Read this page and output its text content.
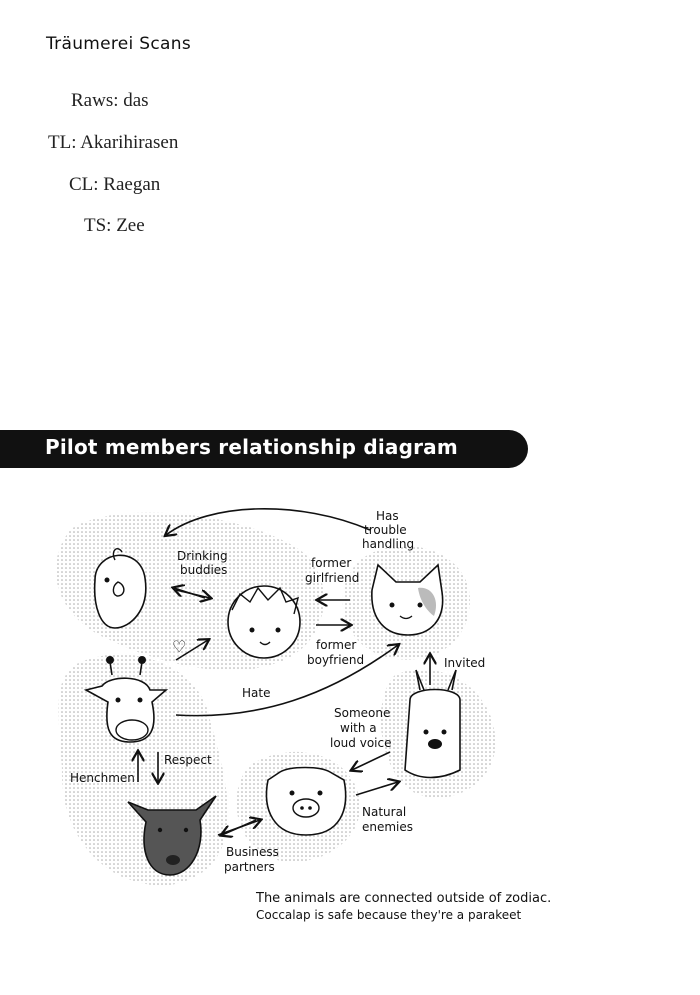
Träumerei Scans
Raws: das
TL: Akarihirasen
CL: Raegan
TS: Zee
Pilot members relationship diagram
Drinking
buddies
Has
trouble
handling
former
girlfriend
former
boyfriend
♡
Hate
Invited
Someone
with a
loud voice
Respect
Henchmen
Natural
enemies
Business
partners
The animals are connected outside of zodiac.
Coccalap is safe because they're a parakeet
